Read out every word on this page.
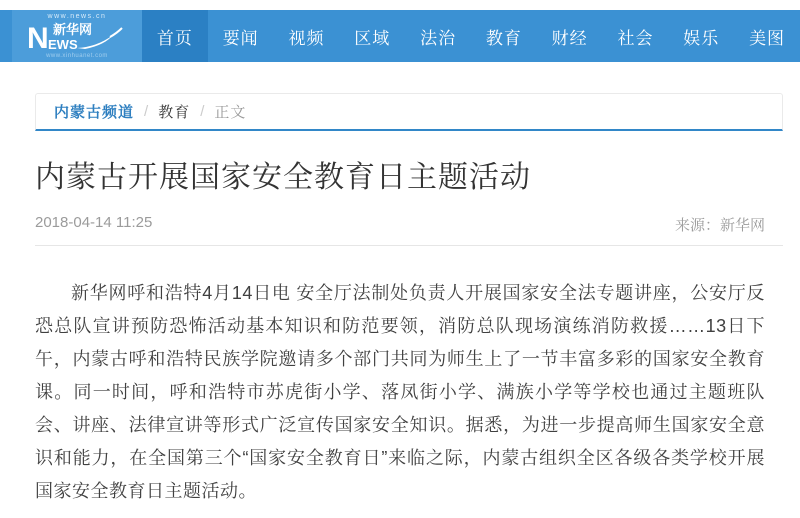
www.news.cn
N 新华网
EWS
www.xinhuanet.com
首页	要闻	视频	区域	法治	教育	财经	社会	娱乐	美图
内蒙古频道 / 教育 / 正文
内蒙古开展国家安全教育日主题活动
2018-04-14 11:25	来源：新华网

新华网呼和浩特4月14日电 安全厅法制处负责人开展国家安全法专题讲座，公安厅反恐总队宣讲预防恐怖活动基本知识和防范要领，消防总队现场演练消防救援……13日下午，内蒙古呼和浩特民族学院邀请多个部门共同为师生上了一节丰富多彩的国家安全教育课。同一时间，呼和浩特市苏虎街小学、落凤街小学、满族小学等学校也通过主题班队会、讲座、法律宣讲等形式广泛宣传国家安全知识。据悉，为进一步提高师生国家安全意识和能力，在全国第三个“国家安全教育日”来临之际，内蒙古组织全区各级各类学校开展国家安全教育日主题活动。
